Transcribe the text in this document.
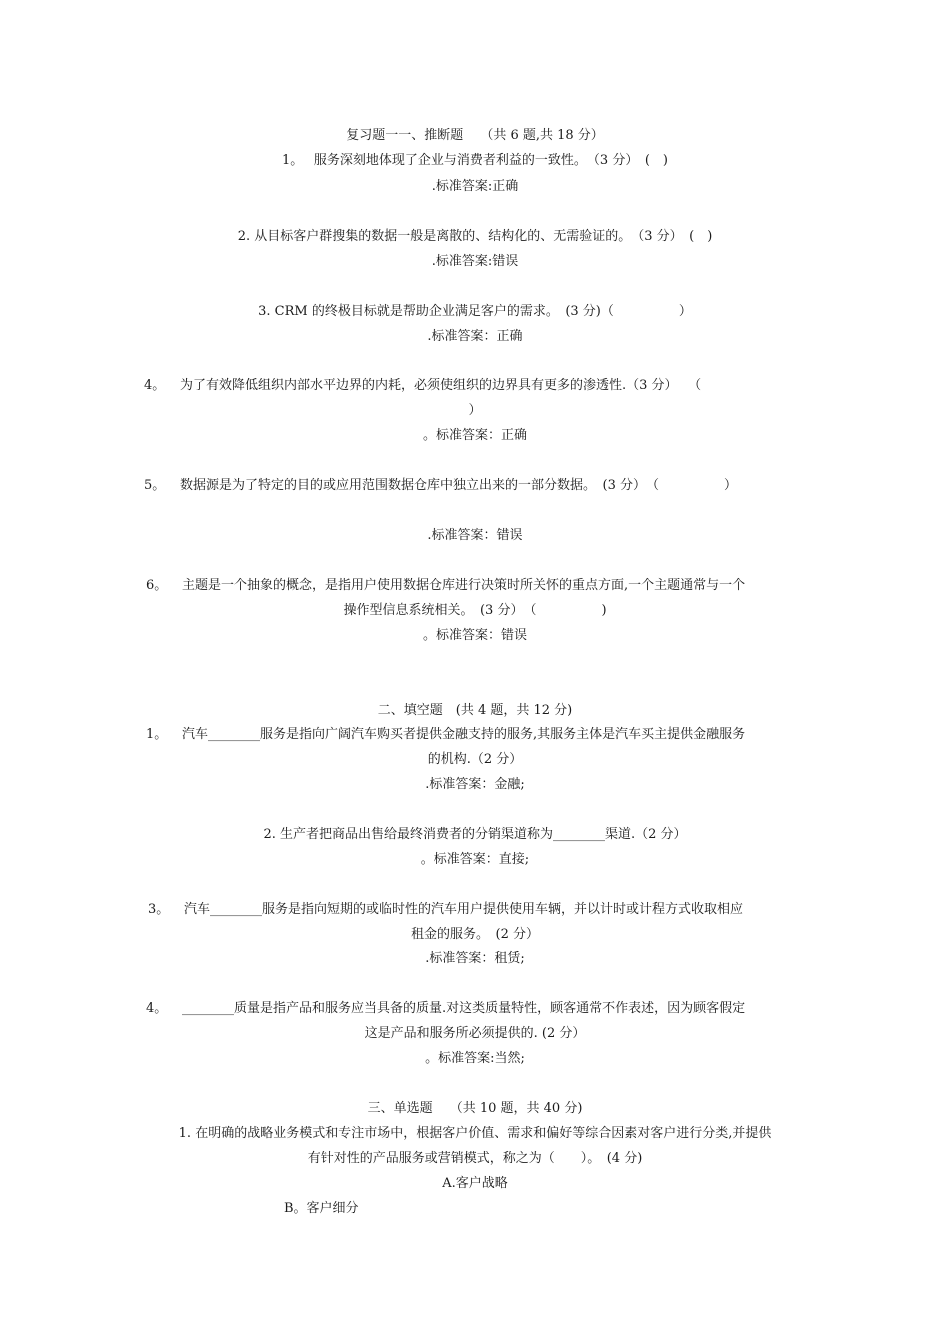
复习题一一、推断题　 （共 6 题,共 18 分）
1。　 服务深刻地体现了企业与消费者利益的一致性。　（3 分）　(　)
.标准答案:正确
2. 从目标客户群搜集的数据一般是离散的、结构化的、无需验证的。　（3 分）　(　)
.标准答案:错误
3. CRM 的终极目标就是帮助企业满足客户的需求。　(3 分)（　　　　　）
.标准答案：正确
4。 为了有效降低组织内部水平边界的内耗，必须使组织的边界具有更多的渗透性.（3 分）　 （
）
。标准答案：正确
5。 数据源是为了特定的目的或应用范围数据仓库中独立出来的一部分数据。　(3 分）　（　　　　　）
.标准答案：错误
6。 主题是一个抽象的概念，是指用户使用数据仓库进行决策时所关怀的重点方面,一个主题通常与一个
操作型信息系统相关。　(3 分）　（　　　　　)
。标准答案：错误
二、填空题　(共 4 题，共 12 分)
1。 汽车________服务是指向广阔汽车购买者提供金融支持的服务,其服务主体是汽车买主提供金融服务
的机构.（2 分）
.标准答案：金融;
2. 生产者把商品出售给最终消费者的分销渠道称为________渠道.（2 分）
。标准答案：直接;
3。 汽车________服务是指向短期的或临时性的汽车用户提供使用车辆，并以计时或计程方式收取相应
租金的服务。　(2 分）
.标准答案：租赁;
4。 ________质量是指产品和服务应当具备的质量.对这类质量特性，顾客通常不作表述，因为顾客假定
这是产品和服务所必须提供的. (2 分）
。标准答案:当然;
三、单选题　 （共 10 题，共 40 分)
1. 在明确的战略业务模式和专注市场中，根据客户价值、需求和偏好等综合因素对客户进行分类,并提供
有针对性的产品服务或营销模式，称之为（　　）。　(4 分)
A.客户战略
B。客户细分
